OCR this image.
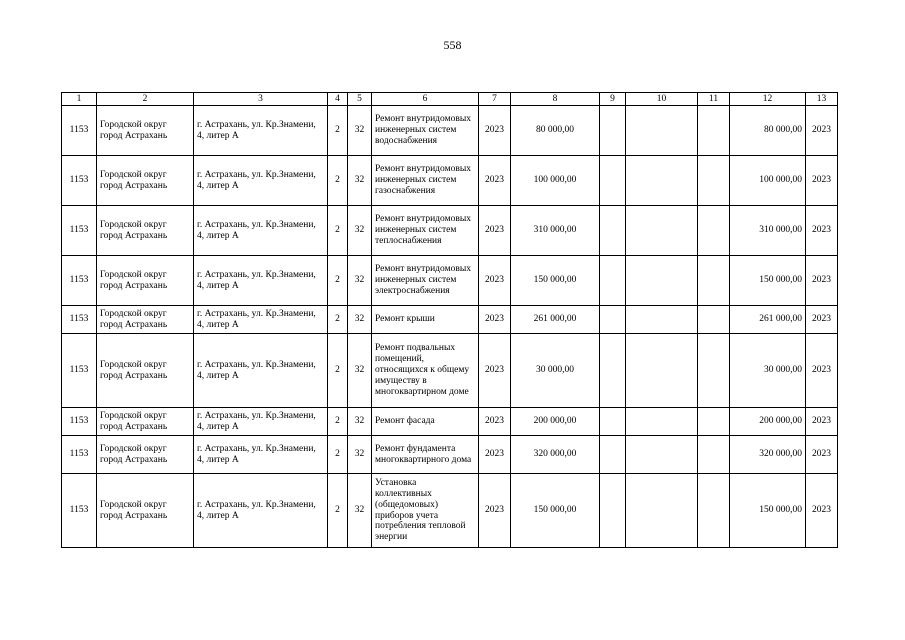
558
1	2	3	4	5	6	7	8	9	10	11	12	13
1153	Городской округ город Астрахань	г. Астрахань, ул. Кр.Знамени, 4, литер А	2	32	Ремонт внутридомовых инженерных систем водоснабжения	2023	80 000,00				80 000,00	2023
1153	Городской округ город Астрахань	г. Астрахань, ул. Кр.Знамени, 4, литер А	2	32	Ремонт внутридомовых инженерных систем газоснабжения	2023	100 000,00				100 000,00	2023
1153	Городской округ город Астрахань	г. Астрахань, ул. Кр.Знамени, 4, литер А	2	32	Ремонт внутридомовых инженерных систем теплоснабжения	2023	310 000,00				310 000,00	2023
1153	Городской округ город Астрахань	г. Астрахань, ул. Кр.Знамени, 4, литер А	2	32	Ремонт внутридомовых инженерных систем электроснабжения	2023	150 000,00				150 000,00	2023
1153	Городской округ город Астрахань	г. Астрахань, ул. Кр.Знамени, 4, литер А	2	32	Ремонт крыши	2023	261 000,00				261 000,00	2023
1153	Городской округ город Астрахань	г. Астрахань, ул. Кр.Знамени, 4, литер А	2	32	Ремонт подвальных помещений, относящихся к общему имуществу в многоквартирном доме	2023	30 000,00				30 000,00	2023
1153	Городской округ город Астрахань	г. Астрахань, ул. Кр.Знамени, 4, литер А	2	32	Ремонт фасада	2023	200 000,00				200 000,00	2023
1153	Городской округ город Астрахань	г. Астрахань, ул. Кр.Знамени, 4, литер А	2	32	Ремонт фундамента многоквартирного дома	2023	320 000,00				320 000,00	2023
1153	Городской округ город Астрахань	г. Астрахань, ул. Кр.Знамени, 4, литер А	2	32	Установка коллективных (общедомовых) приборов учета потребления тепловой энергии	2023	150 000,00				150 000,00	2023
